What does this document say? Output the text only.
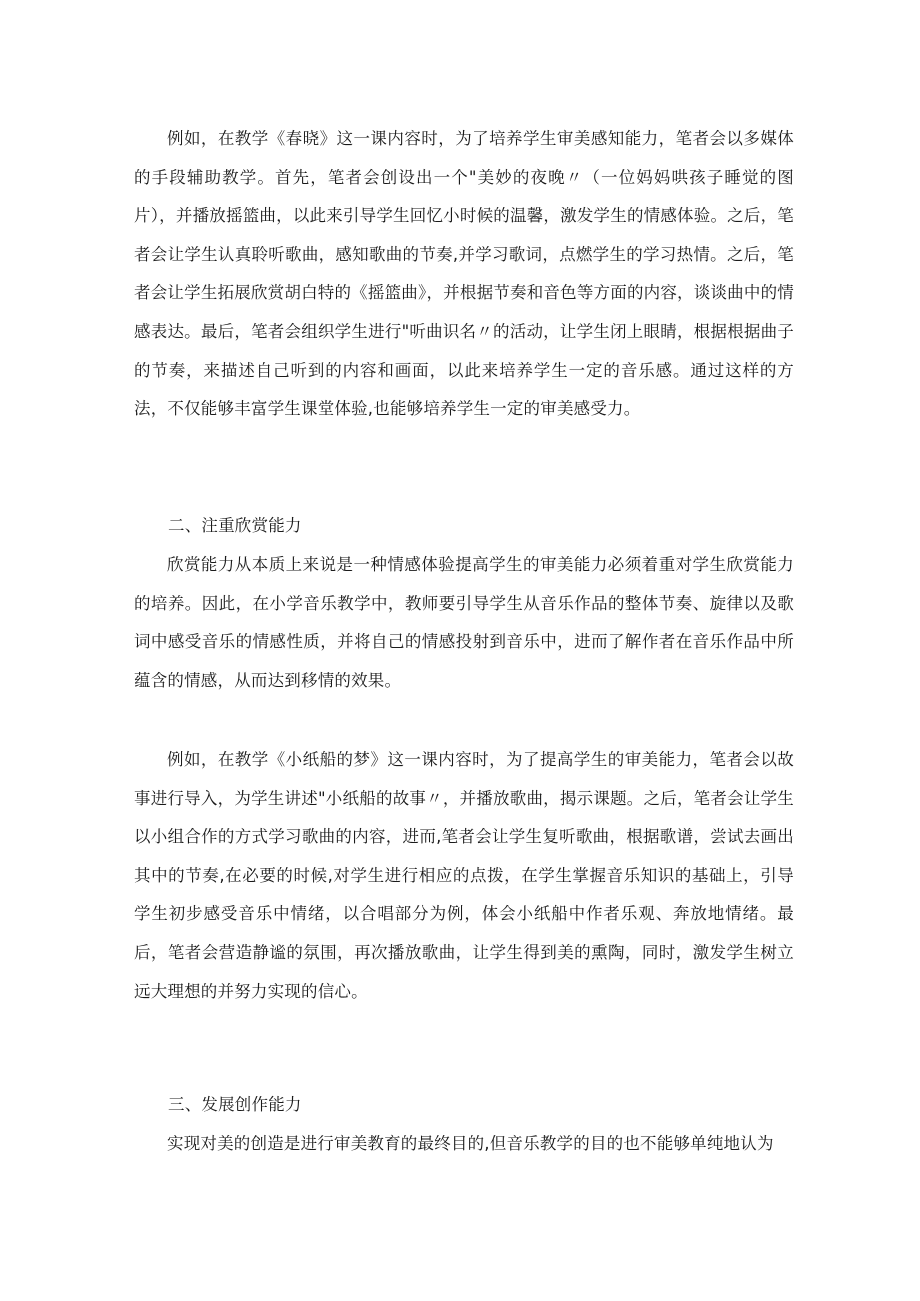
例如，在教学《春晓》这一课内容时，为了培养学生审美感知能力，笔者会以多媒体的手段辅助教学。首先，笔者会创设出一个"美妙的夜晚〃（一位妈妈哄孩子睡觉的图片），并播放摇篮曲，以此来引导学生回忆小时候的温馨，激发学生的情感体验。之后，笔者会让学生认真聆听歌曲，感知歌曲的节奏,并学习歌词，点燃学生的学习热情。之后，笔者会让学生拓展欣赏胡白特的《摇篮曲》，并根据节奏和音色等方面的内容，谈谈曲中的情感表达。最后，笔者会组织学生进行"听曲识名〃的活动，让学生闭上眼睛，根据根据曲子的节奏，来描述自己听到的内容和画面，以此来培养学生一定的音乐感。通过这样的方法，不仅能够丰富学生课堂体验,也能够培养学生一定的审美感受力。

二、注重欣赏能力

欣赏能力从本质上来说是一种情感体验提高学生的审美能力必须着重对学生欣赏能力的培养。因此，在小学音乐教学中，教师要引导学生从音乐作品的整体节奏、旋律以及歌词中感受音乐的情感性质，并将自己的情感投射到音乐中，进而了解作者在音乐作品中所蕴含的情感，从而达到移情的效果。

例如，在教学《小纸船的梦》这一课内容时，为了提高学生的审美能力，笔者会以故事进行导入，为学生讲述"小纸船的故事〃，并播放歌曲，揭示课题。之后，笔者会让学生以小组合作的方式学习歌曲的内容，进而,笔者会让学生复听歌曲，根据歌谱，尝试去画出其中的节奏,在必要的时候,对学生进行相应的点拨，在学生掌握音乐知识的基础上，引导学生初步感受音乐中情绪，以合唱部分为例，体会小纸船中作者乐观、奔放地情绪。最后，笔者会营造静谧的氛围，再次播放歌曲，让学生得到美的熏陶，同时，激发学生树立远大理想的并努力实现的信心。

三、发展创作能力

实现对美的创造是进行审美教育的最终目的,但音乐教学的目的也不能够单纯地认为
